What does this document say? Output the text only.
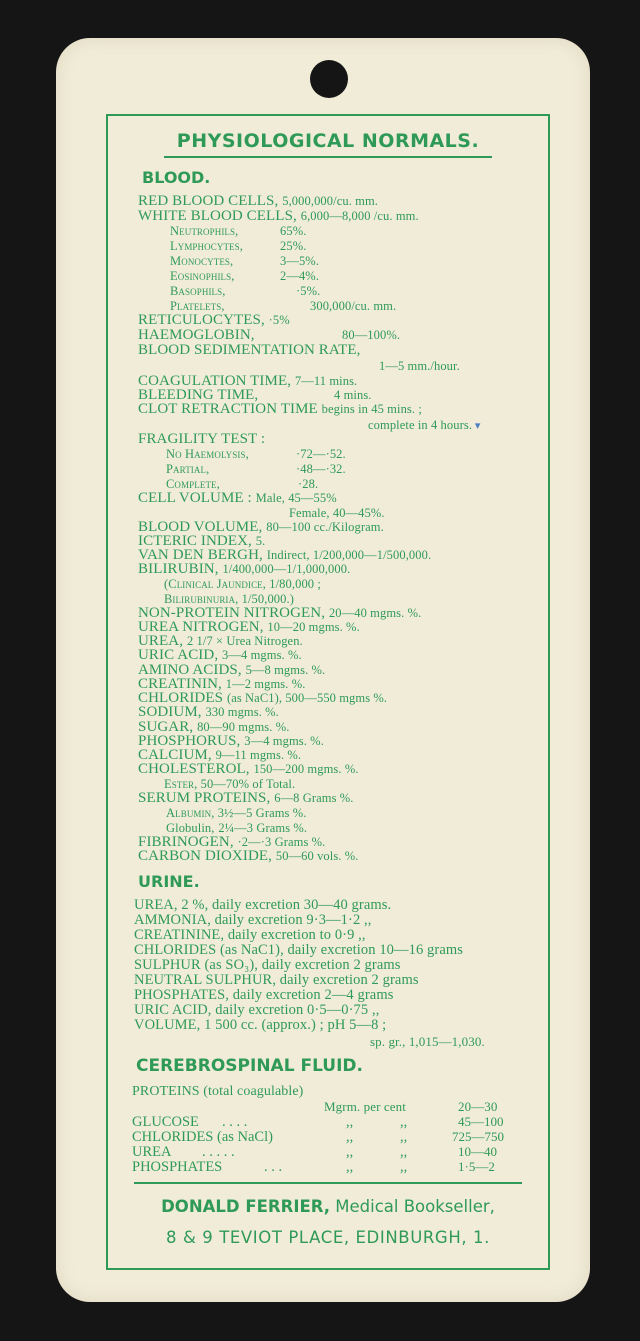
PHYSIOLOGICAL NORMALS.
BLOOD.
RED BLOOD CELLS, 5,000,000/cu. mm.
WHITE BLOOD CELLS, 6,000—8,000 /cu. mm.
Neutrophils,	65%.
Lymphocytes,	25%.
Monocytes,	3—5%.
Eosinophils,	2—4%.
Basophils,	·5%.
Platelets,	300,000/cu. mm.
RETICULOCYTES, ·5%
HAEMOGLOBIN,	80—100%.
BLOOD SEDIMENTATION RATE,
1—5 mm./hour.
COAGULATION TIME, 7—11 mins.
BLEEDING TIME,	4 mins.
CLOT RETRACTION TIME begins in 45 mins. ;
complete in 4 hours. ▾
FRAGILITY TEST :
No Haemolysis,	·72—·52.
Partial,	·48—·32.
Complete,	·28.
CELL VOLUME : Male, 45—55%
Female, 40—45%.
BLOOD VOLUME, 80—100 cc./Kilogram.
ICTERIC INDEX, 5.
VAN DEN BERGH, Indirect, 1/200,000—1/500,000.
BILIRUBIN, 1/400,000—1/1,000,000.
(Clinical Jaundice, 1/80,000 ;
Bilirubinuria, 1/50,000.)
NON-PROTEIN NITROGEN, 20—40 mgms. %.
UREA NITROGEN, 10—20 mgms. %.
UREA, 2 1/7 × Urea Nitrogen.
URIC ACID, 3—4 mgms. %.
AMINO ACIDS, 5—8 mgms. %.
CREATININ, 1—2 mgms. %.
CHLORIDES (as NaC1), 500—550 mgms %.
SODIUM, 330 mgms. %.
SUGAR, 80—90 mgms. %.
PHOSPHORUS, 3—4 mgms. %.
CALCIUM, 9—11 mgms. %.
CHOLESTEROL, 150—200 mgms. %.
Ester, 50—70% of Total.
SERUM PROTEINS, 6—8 Grams %.
Albumin, 3½—5 Grams %.
Globulin, 2¼—3 Grams %.
FIBRINOGEN, ·2—·3 Grams %.
CARBON DIOXIDE, 50—60 vols. %.
URINE.
UREA, 2 %, daily excretion 30—40 grams.
AMMONIA, daily excretion 9·3—1·2 ,,
CREATININE, daily excretion to 0·9 ,,
CHLORIDES (as NaC1), daily excretion 10—16 grams
SULPHUR (as SO₃), daily excretion 2 grams
NEUTRAL SULPHUR, daily excretion 2 grams
PHOSPHATES, daily excretion 2—4 grams
URIC ACID, daily excretion 0·5—0·75 ,,
VOLUME, 1 500 cc. (approx.) ; pH 5—8 ;
sp. gr., 1,015—1,030.
CEREBROSPINAL FLUID.
PROTEINS (total coagulable)
Mgrm. per cent	20—30
GLUCOSE . . . .	,,	,,	45—100
CHLORIDES (as NaCl)	,,	,,	725—750
UREA . . . . .	,,	,,	10—40
PHOSPHATES	. . .	,,	,,	1·5—2
DONALD FERRIER, Medical Bookseller,
8 & 9 TEVIOT PLACE, EDINBURGH, 1.
